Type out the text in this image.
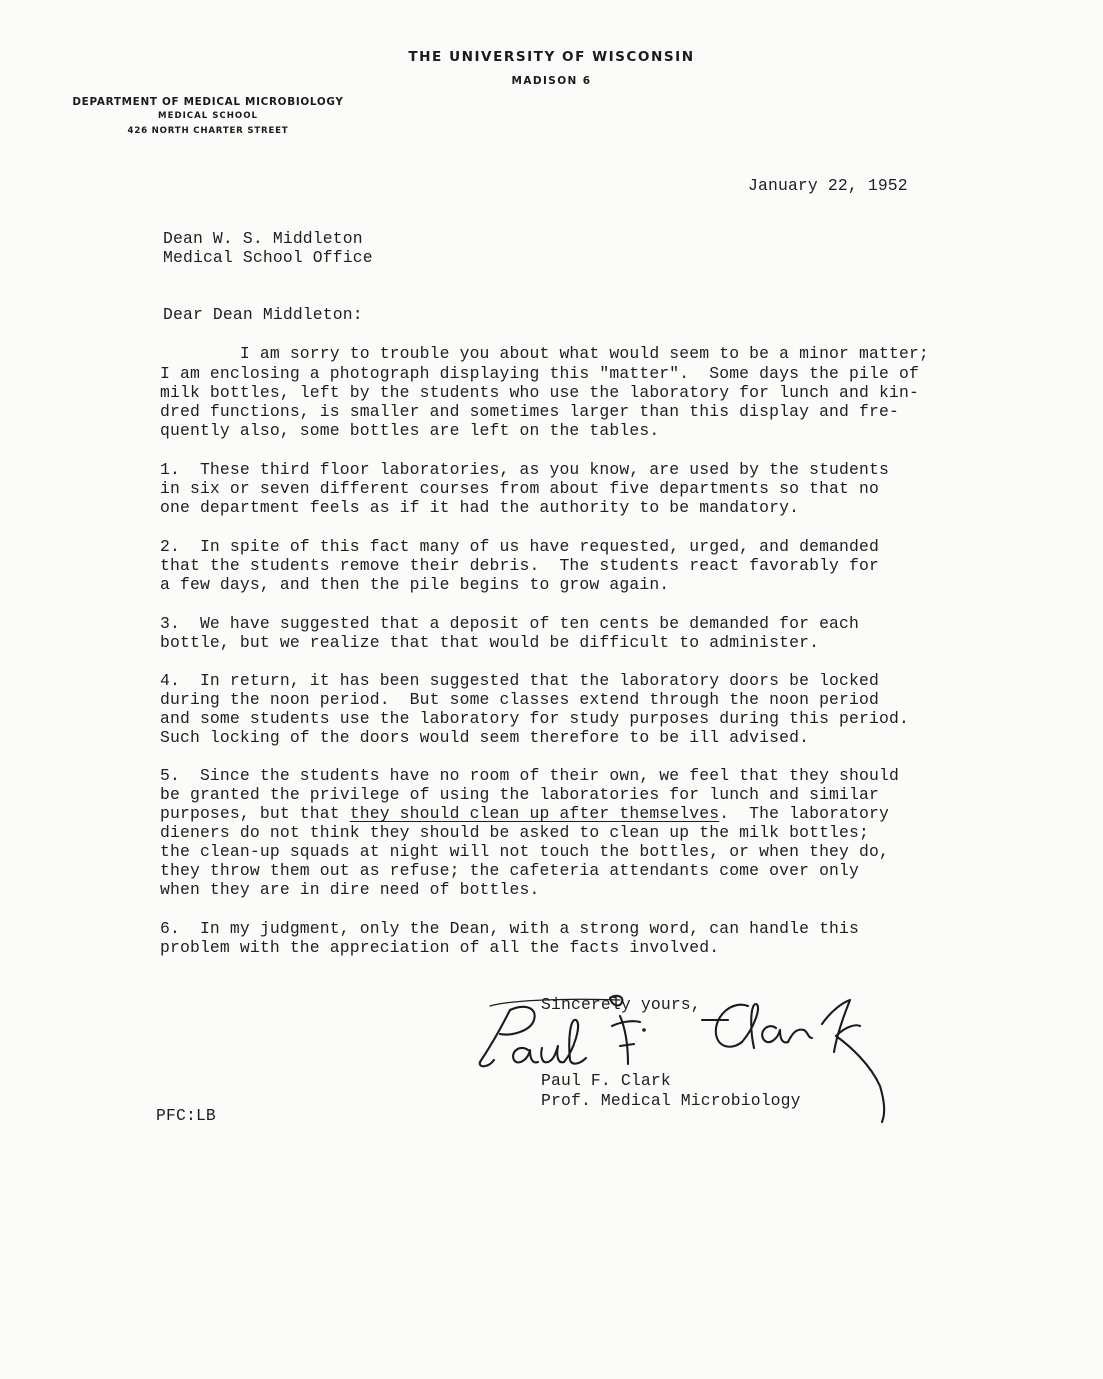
THE UNIVERSITY OF WISCONSIN
MADISON 6
DEPARTMENT OF MEDICAL MICROBIOLOGY
MEDICAL SCHOOL
426 NORTH CHARTER STREET
January 22, 1952
Dean W. S. Middleton
Medical School Office
Dear Dean Middleton:
I am sorry to trouble you about what would seem to be a minor matter;
I am enclosing a photograph displaying this "matter".  Some days the pile of
milk bottles, left by the students who use the laboratory for lunch and kin-
dred functions, is smaller and sometimes larger than this display and fre-
quently also, some bottles are left on the tables.
1.  These third floor laboratories, as you know, are used by the students
in six or seven different courses from about five departments so that no
one department feels as if it had the authority to be mandatory.
2.  In spite of this fact many of us have requested, urged, and demanded
that the students remove their debris.  The students react favorably for
a few days, and then the pile begins to grow again.
3.  We have suggested that a deposit of ten cents be demanded for each
bottle, but we realize that that would be difficult to administer.
4.  In return, it has been suggested that the laboratory doors be locked
during the noon period.  But some classes extend through the noon period
and some students use the laboratory for study purposes during this period.
Such locking of the doors would seem therefore to be ill advised.
5.  Since the students have no room of their own, we feel that they should
be granted the privilege of using the laboratories for lunch and similar
purposes, but that they should clean up after themselves.  The laboratory
dieners do not think they should be asked to clean up the milk bottles;
the clean-up squads at night will not touch the bottles, or when they do,
they throw them out as refuse; the cafeteria attendants come over only
when they are in dire need of bottles.
6.  In my judgment, only the Dean, with a strong word, can handle this
problem with the appreciation of all the facts involved.
Sincerely yours,
Paul F. Clark
Prof. Medical Microbiology
PFC:LB
